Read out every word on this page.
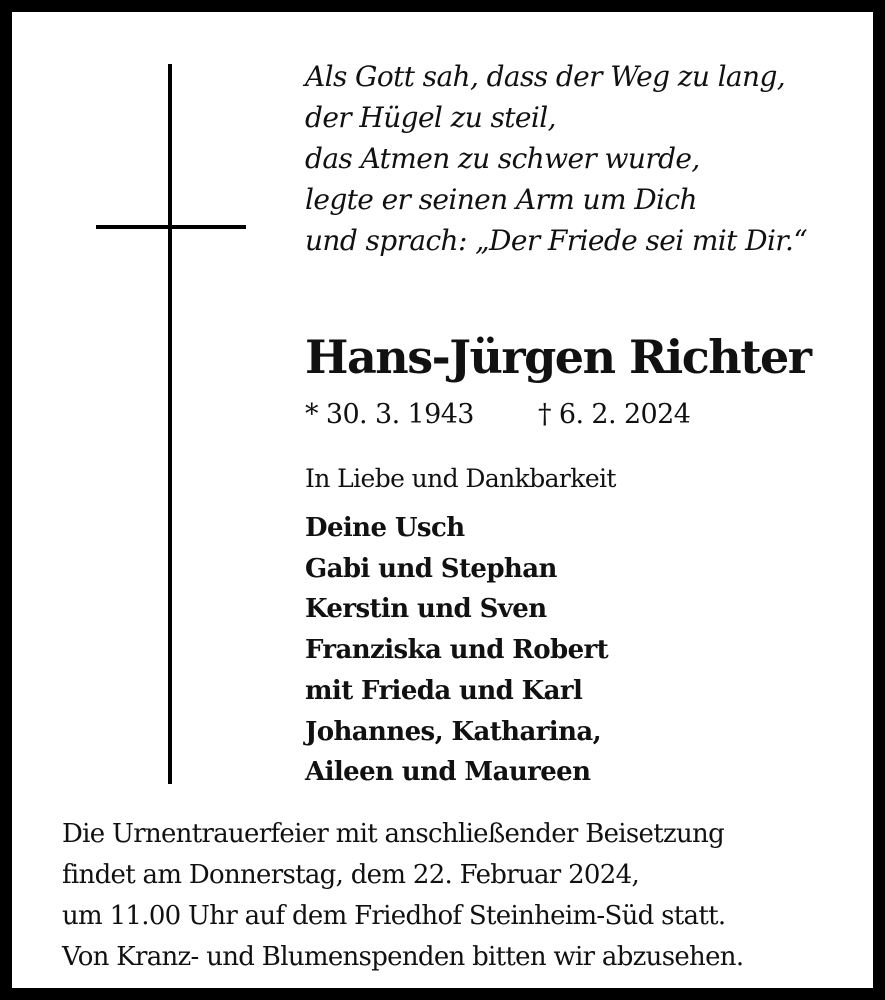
Als Gott sah, dass der Weg zu lang,
der Hügel zu steil,
das Atmen zu schwer wurde,
legte er seinen Arm um Dich
und sprach: „Der Friede sei mit Dir.“
Hans-Jürgen Richter
* 30. 3. 1943 † 6. 2. 2024
In Liebe und Dankbarkeit
Deine Usch
Gabi und Stephan
Kerstin und Sven
Franziska und Robert
mit Frieda und Karl
Johannes, Katharina,
Aileen und Maureen
Die Urnentrauerfeier mit anschließender Beisetzung
findet am Donnerstag, dem 22. Februar 2024,
um 11.00 Uhr auf dem Friedhof Steinheim-Süd statt.
Von Kranz- und Blumenspenden bitten wir abzusehen.
